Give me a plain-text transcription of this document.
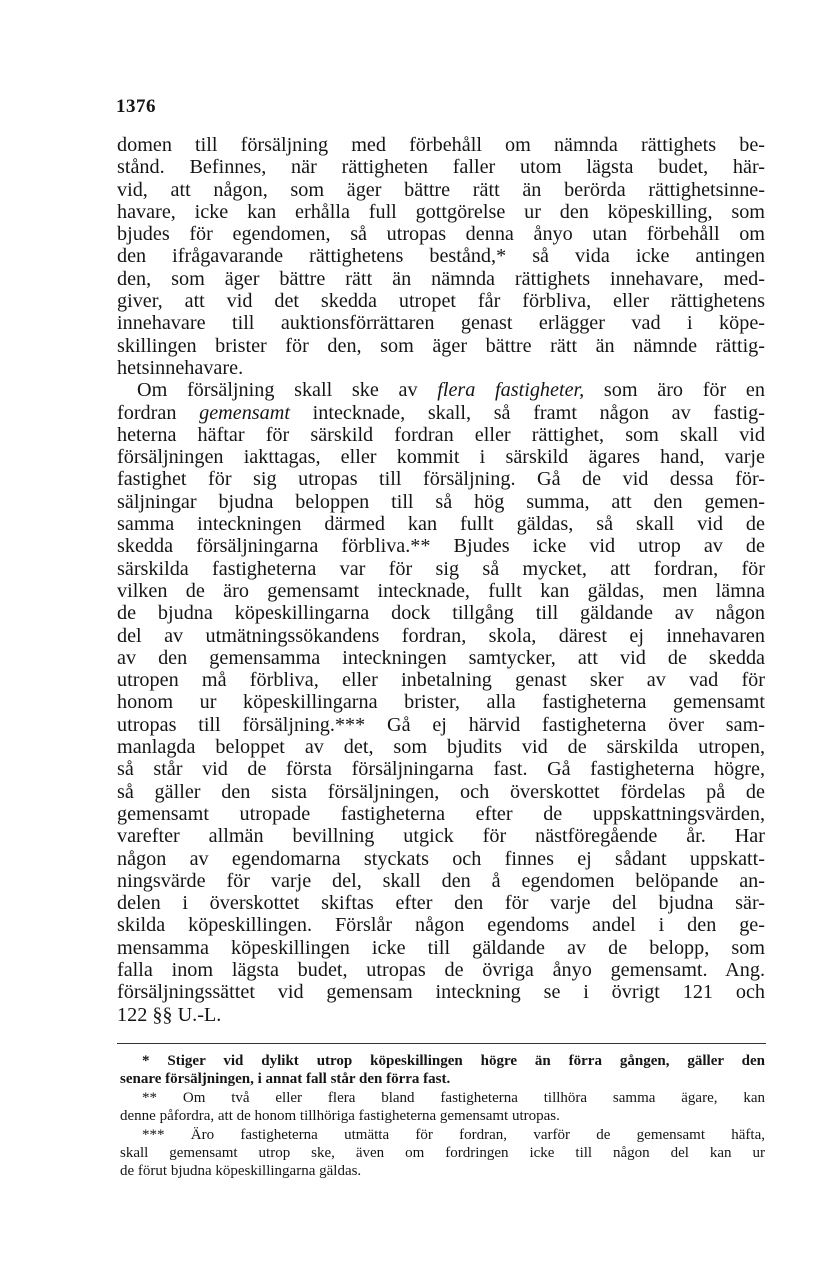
1376
domen till försäljning med förbehåll om nämnda rättighets be-
stånd. Befinnes, när rättigheten faller utom lägsta budet, här-
vid, att någon, som äger bättre rätt än berörda rättighetsinne-
havare, icke kan erhålla full gottgörelse ur den köpeskilling, som
bjudes för egendomen, så utropas denna ånyo utan förbehåll om
den ifrågavarande rättighetens bestånd,* så vida icke antingen
den, som äger bättre rätt än nämnda rättighets innehavare, med-
giver, att vid det skedda utropet får förbliva, eller rättighetens
innehavare till auktionsförrättaren genast erlägger vad i köpe-
skillingen brister för den, som äger bättre rätt än nämnde rättig-
hetsinnehavare.
Om försäljning skall ske av flera fastigheter, som äro för en
fordran gemensamt intecknade, skall, så framt någon av fastig-
heterna häftar för särskild fordran eller rättighet, som skall vid
försäljningen iakttagas, eller kommit i särskild ägares hand, varje
fastighet för sig utropas till försäljning. Gå de vid dessa för-
säljningar bjudna beloppen till så hög summa, att den gemen-
samma inteckningen därmed kan fullt gäldas, så skall vid de
skedda försäljningarna förbliva.** Bjudes icke vid utrop av de
särskilda fastigheterna var för sig så mycket, att fordran, för
vilken de äro gemensamt intecknade, fullt kan gäldas, men lämna
de bjudna köpeskillingarna dock tillgång till gäldande av någon
del av utmätningssökandens fordran, skola, därest ej innehavaren
av den gemensamma inteckningen samtycker, att vid de skedda
utropen må förbliva, eller inbetalning genast sker av vad för
honom ur köpeskillingarna brister, alla fastigheterna gemensamt
utropas till försäljning.*** Gå ej härvid fastigheterna över sam-
manlagda beloppet av det, som bjudits vid de särskilda utropen,
så står vid de första försäljningarna fast. Gå fastigheterna högre,
så gäller den sista försäljningen, och överskottet fördelas på de
gemensamt utropade fastigheterna efter de uppskattningsvärden,
varefter allmän bevillning utgick för nästföregående år. Har
någon av egendomarna styckats och finnes ej sådant uppskatt-
ningsvärde för varje del, skall den å egendomen belöpande an-
delen i överskottet skiftas efter den för varje del bjudna sär-
skilda köpeskillingen. Förslår någon egendoms andel i den ge-
mensamma köpeskillingen icke till gäldande av de belopp, som
falla inom lägsta budet, utropas de övriga ånyo gemensamt. Ang.
försäljningssättet vid gemensam inteckning se i övrigt 121 och
122 §§ U.-L.
* Stiger vid dylikt utrop köpeskillingen högre än förra gången, gäller den
senare försäljningen, i annat fall står den förra fast.
** Om två eller flera bland fastigheterna tillhöra samma ägare, kan
denne påfordra, att de honom tillhöriga fastigheterna gemensamt utropas.
*** Äro fastigheterna utmätta för fordran, varför de gemensamt häfta,
skall gemensamt utrop ske, även om fordringen icke till någon del kan ur
de förut bjudna köpeskillingarna gäldas.
